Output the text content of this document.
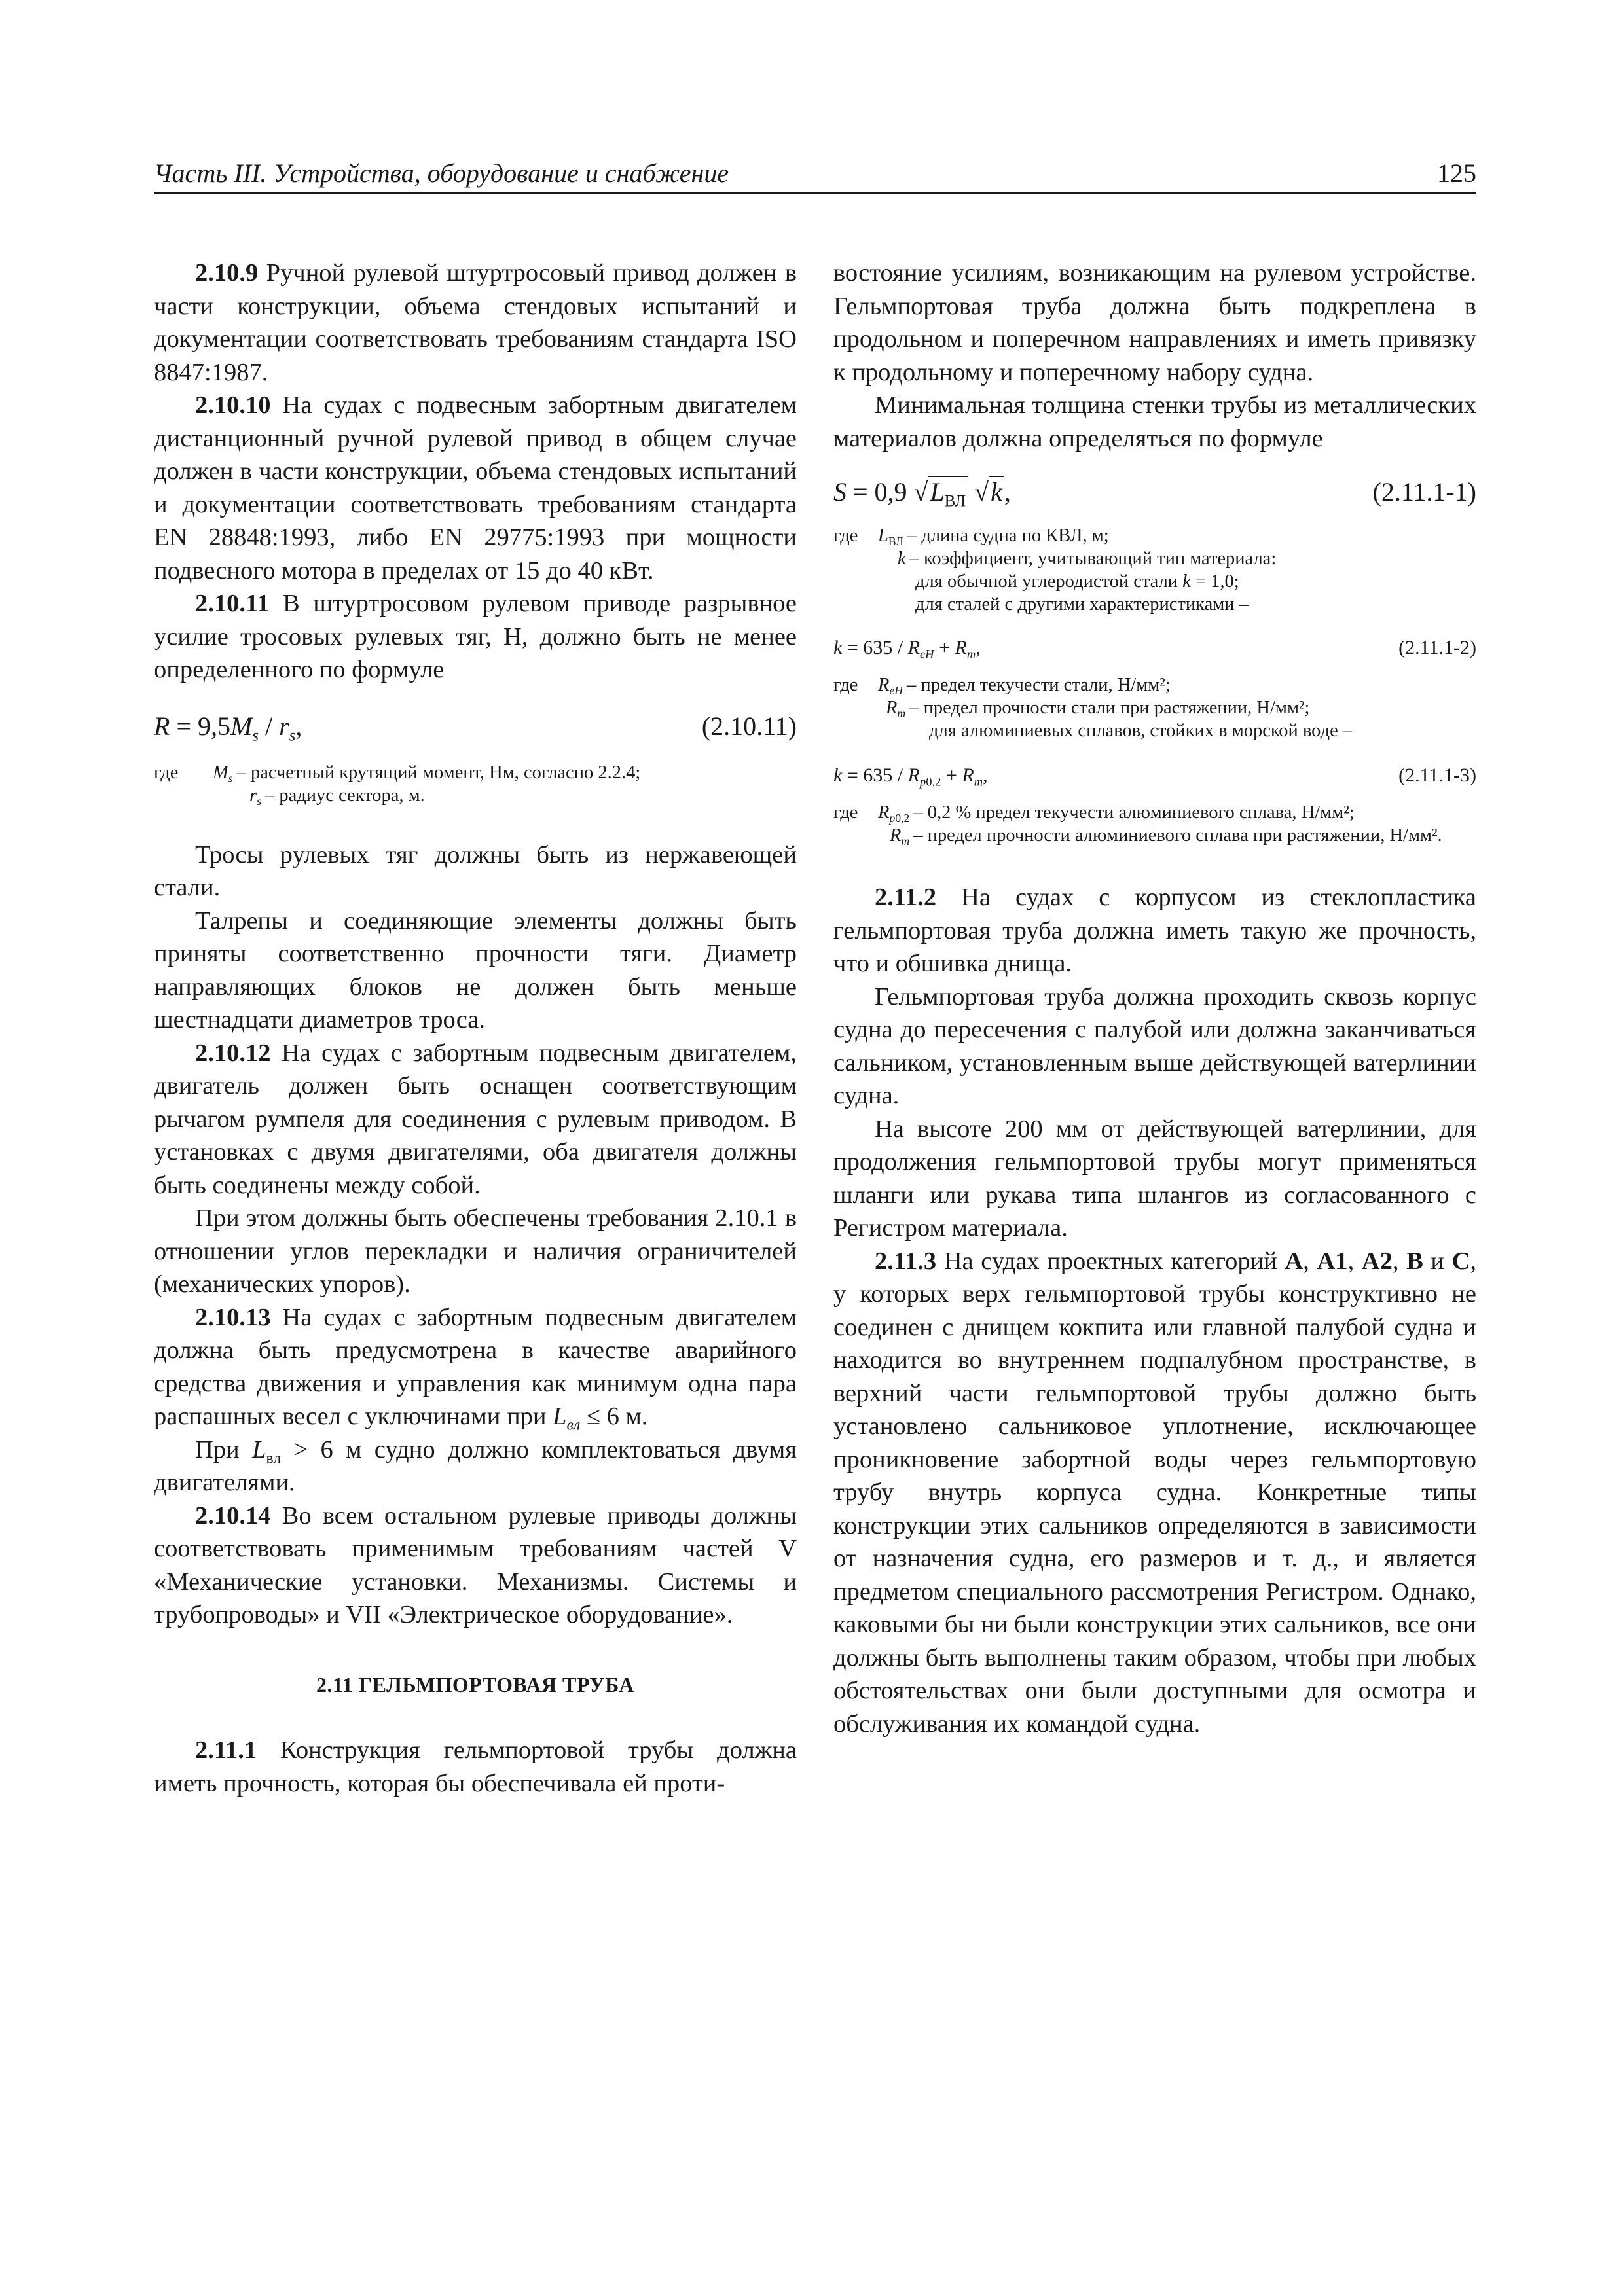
Часть III. Устройства, оборудование и снабжение	125

2.10.9 Ручной рулевой штуртросовый привод должен в части конструкции, объема стендовых испытаний и документации соответствовать требованиям стандарта ISO 8847:1987.

2.10.10 На судах с подвесным забортным двигателем дистанционный ручной рулевой привод в общем случае должен в части конструкции, объема стендовых испытаний и документации соответствовать требованиям стандарта EN 28848:1993, либо EN 29775:1993 при мощности подвесного мотора в пределах от 15 до 40 кВт.

2.10.11 В штуртросовом рулевом приводе разрывное усилие тросовых рулевых тяг, Н, должно быть не менее определенного по формуле

$R = 9,5M_s / r_s$,	(2.10.11)
где	$M_s$ – расчетный крутящий момент, Нм, согласно 2.2.4;
$r_s$ – радиус сектора, м.

Тросы рулевых тяг должны быть из нержавеющей стали.

Талрепы и соединяющие элементы должны быть приняты соответственно прочности тяги. Диаметр направляющих блоков не должен быть меньше шестнадцати диаметров троса.

2.10.12 На судах с забортным подвесным двигателем, двигатель должен быть оснащен соответствующим рычагом румпеля для соединения с рулевым приводом. В установках с двумя двигателями, оба двигателя должны быть соединены между собой.

При этом должны быть обеспечены требования 2.10.1 в отношении углов перекладки и наличия ограничителей (механических упоров).

2.10.13 На судах с забортным подвесным двигателем должна быть предусмотрена в качестве аварийного средства движения и управления как минимум одна пара распашных весел с уключинами при $L_{вл} \le 6$ м.

При $L_{вл} > 6$ м судно должно комплектоваться двумя двигателями.

2.10.14 Во всем остальном рулевые приводы должны соответствовать применимым требованиям частей V «Механические установки. Механизмы. Системы и трубопроводы» и VII «Электрическое оборудование».

2.11 ГЕЛЬМПОРТОВАЯ ТРУБА

2.11.1 Конструкция гельмпортовой трубы должна иметь прочность, которая бы обеспечивала ей проти-

востояние усилиям, возникающим на рулевом устройстве. Гельмпортовая труба должна быть подкреплена в продольном и поперечном направлениях и иметь привязку к продольному и поперечному набору судна.

Минимальная толщина стенки трубы из металлических материалов должна определяться по формуле

S = 0,9 $√L_{ВЛ}$ √k,	(2.11.1-1)
где	$L_{ВЛ}$ – длина судна по КВЛ, м;
k – коэффициент, учитывающий тип материала:
для обычной углеродистой стали k = 1,0;
для сталей с другими характеристиками –
$k = 635 / R_{eH} + R_m$,	(2.11.1-2)
где	$R_{eH}$ – предел текучести стали, Н/мм²;
$R_m$ – предел прочности стали при растяжении, Н/мм²;
для алюминиевых сплавов, стойких в морской воде –
$k = 635 / R_{p0,2} + R_m$,	(2.11.1-3)
где	$R_{p0,2} - 0,2$ % предел текучести алюминиевого сплава, Н/мм²;
$R_m$ – предел прочности алюминиевого сплава при растяжении, Н/мм².

2.11.2 На судах с корпусом из стеклопластика гельмпортовая труба должна иметь такую же прочность, что и обшивка днища.

Гельмпортовая труба должна проходить сквозь корпус судна до пересечения с палубой или должна заканчиваться сальником, установленным выше действующей ватерлинии судна.

На высоте 200 мм от действующей ватерлинии, для продолжения гельмпортовой трубы могут применяться шланги или рукава типа шлангов из согласованного с Регистром материала.

2.11.3 На судах проектных категорий A, A1, A2, B и C, у которых верх гельмпортовой трубы конструктивно не соединен с днищем кокпита или главной палубой судна и находится во внутреннем подпалубном пространстве, в верхний части гельмпортовой трубы должно быть установлено сальниковое уплотнение, исключающее проникновение забортной воды через гельмпортовую трубу внутрь корпуса судна. Конкретные типы конструкции этих сальников определяются в зависимости от назначения судна, его размеров и т. д., и является предметом специального рассмотрения Регистром. Однако, каковыми бы ни были конструкции этих сальников, все они должны быть выполнены таким образом, чтобы при любых обстоятельствах они были доступными для осмотра и обслуживания их командой судна.
